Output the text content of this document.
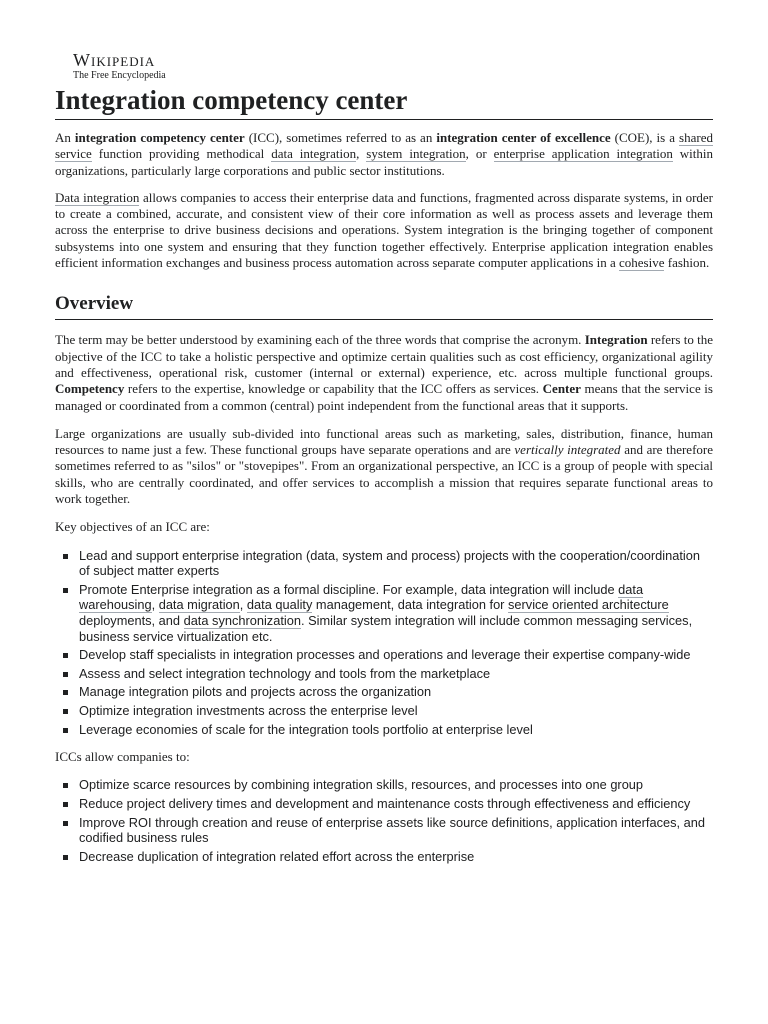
Wikipedia
The Free Encyclopedia
Integration competency center

An integration competency center (ICC), sometimes referred to as an integration center of excellence (COE), is a shared service function providing methodical data integration, system integration, or enterprise application integration within organizations, particularly large corporations and public sector institutions.

Data integration allows companies to access their enterprise data and functions, fragmented across disparate systems, in order to create a combined, accurate, and consistent view of their core information as well as process assets and leverage them across the enterprise to drive business decisions and operations. System integration is the bringing together of component subsystems into one system and ensuring that they function together effectively. Enterprise application integration enables efficient information exchanges and business process automation across separate computer applications in a cohesive fashion.

Overview

The term may be better understood by examining each of the three words that comprise the acronym. Integration refers to the objective of the ICC to take a holistic perspective and optimize certain qualities such as cost efficiency, organizational agility and effectiveness, operational risk, customer (internal or external) experience, etc. across multiple functional groups. Competency refers to the expertise, knowledge or capability that the ICC offers as services. Center means that the service is managed or coordinated from a common (central) point independent from the functional areas that it supports.

Large organizations are usually sub-divided into functional areas such as marketing, sales, distribution, finance, human resources to name just a few. These functional groups have separate operations and are vertically integrated and are therefore sometimes referred to as "silos" or "stovepipes". From an organizational perspective, an ICC is a group of people with special skills, who are centrally coordinated, and offer services to accomplish a mission that requires separate functional areas to work together.

Key objectives of an ICC are:

Lead and support enterprise integration (data, system and process) projects with the cooperation/coordination of subject matter experts
Promote Enterprise integration as a formal discipline. For example, data integration will include data warehousing, data migration, data quality management, data integration for service oriented architecture deployments, and data synchronization. Similar system integration will include common messaging services, business service virtualization etc.
Develop staff specialists in integration processes and operations and leverage their expertise company-wide
Assess and select integration technology and tools from the marketplace
Manage integration pilots and projects across the organization
Optimize integration investments across the enterprise level
Leverage economies of scale for the integration tools portfolio at enterprise level

ICCs allow companies to:

Optimize scarce resources by combining integration skills, resources, and processes into one group
Reduce project delivery times and development and maintenance costs through effectiveness and efficiency
Improve ROI through creation and reuse of enterprise assets like source definitions, application interfaces, and codified business rules
Decrease duplication of integration related effort across the enterprise
